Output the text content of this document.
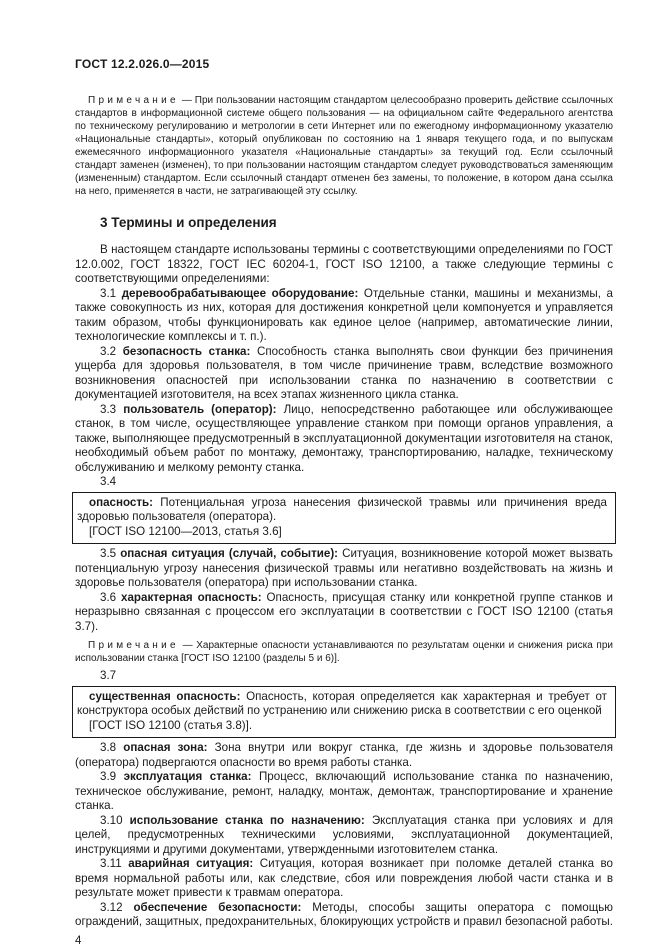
ГОСТ 12.2.026.0—2015

Примечание — При пользовании настоящим стандартом целесообразно проверить действие ссылочных стандартов в информационной системе общего пользования — на официальном сайте Федерального агентства по техническому регулированию и метрологии в сети Интернет или по ежегодному информационному указателю «Национальные стандарты», который опубликован по состоянию на 1 января текущего года, и по выпускам ежемесячного информационного указателя «Национальные стандарты» за текущий год. Если ссылочный стандарт заменен (изменен), то при пользовании настоящим стандартом следует руководствоваться заменяющим (измененным) стандартом. Если ссылочный стандарт отменен без замены, то положение, в котором дана ссылка на него, применяется в части, не затрагивающей эту ссылку.

3 Термины и определения

В настоящем стандарте использованы термины с соответствующими определениями по ГОСТ 12.0.002, ГОСТ 18322, ГОСТ IEC 60204-1, ГОСТ ISO 12100, а также следующие термины с соответствующими определениями:

3.1 деревообрабатывающее оборудование: Отдельные станки, машины и механизмы, а также совокупность из них, которая для достижения конкретной цели компонуется и управляется таким образом, чтобы функционировать как единое целое (например, автоматические линии, технологические комплексы и т. п.).

3.2 безопасность станка: Способность станка выполнять свои функции без причинения ущерба для здоровья пользователя, в том числе причинение травм, вследствие возможного возникновения опасностей при использовании станка по назначению в соответствии с документацией изготовителя, на всех этапах жизненного цикла станка.

3.3 пользователь (оператор): Лицо, непосредственно работающее или обслуживающее станок, в том числе, осуществляющее управление станком при помощи органов управления, а также, выполняющее предусмотренный в эксплуатационной документации изготовителя на станок, необходимый объем работ по монтажу, демонтажу, транспортированию, наладке, техническому обслуживанию и мелкому ремонту станка.

3.4

опасность: Потенциальная угроза нанесения физической травмы или причинения вреда здоровью пользователя (оператора).

[ГОСТ ISO 12100—2013, статья 3.6]

3.5 опасная ситуация (случай, событие): Ситуация, возникновение которой может вызвать потенциальную угрозу нанесения физической травмы или негативно воздействовать на жизнь и здоровье пользователя (оператора) при использовании станка.

3.6 характерная опасность: Опасность, присущая станку или конкретной группе станков и неразрывно связанная с процессом его эксплуатации в соответствии с ГОСТ ISO 12100 (статья 3.7).

Примечание — Характерные опасности устанавливаются по результатам оценки и снижения риска при использовании станка [ГОСТ ISO 12100 (разделы 5 и 6)].

3.7

существенная опасность: Опасность, которая определяется как характерная и требует от конструктора особых действий по устранению или снижению риска в соответствии с его оценкой

[ГОСТ ISO 12100 (статья 3.8)].

3.8 опасная зона: Зона внутри или вокруг станка, где жизнь и здоровье пользователя (оператора) подвергаются опасности во время работы станка.

3.9 эксплуатация станка: Процесс, включающий использование станка по назначению, техническое обслуживание, ремонт, наладку, монтаж, демонтаж, транспортирование и хранение станка.

3.10 использование станка по назначению: Эксплуатация станка при условиях и для целей, предусмотренных техническими условиями, эксплуатационной документацией, инструкциями и другими документами, утвержденными изготовителем станка.

3.11 аварийная ситуация: Ситуация, которая возникает при поломке деталей станка во время нормальной работы или, как следствие, сбоя или повреждения любой части станка и в результате может привести к травмам оператора.

3.12 обеспечение безопасности: Методы, способы защиты оператора с помощью ограждений, защитных, предохранительных, блокирующих устройств и правил безопасной работы.

4
